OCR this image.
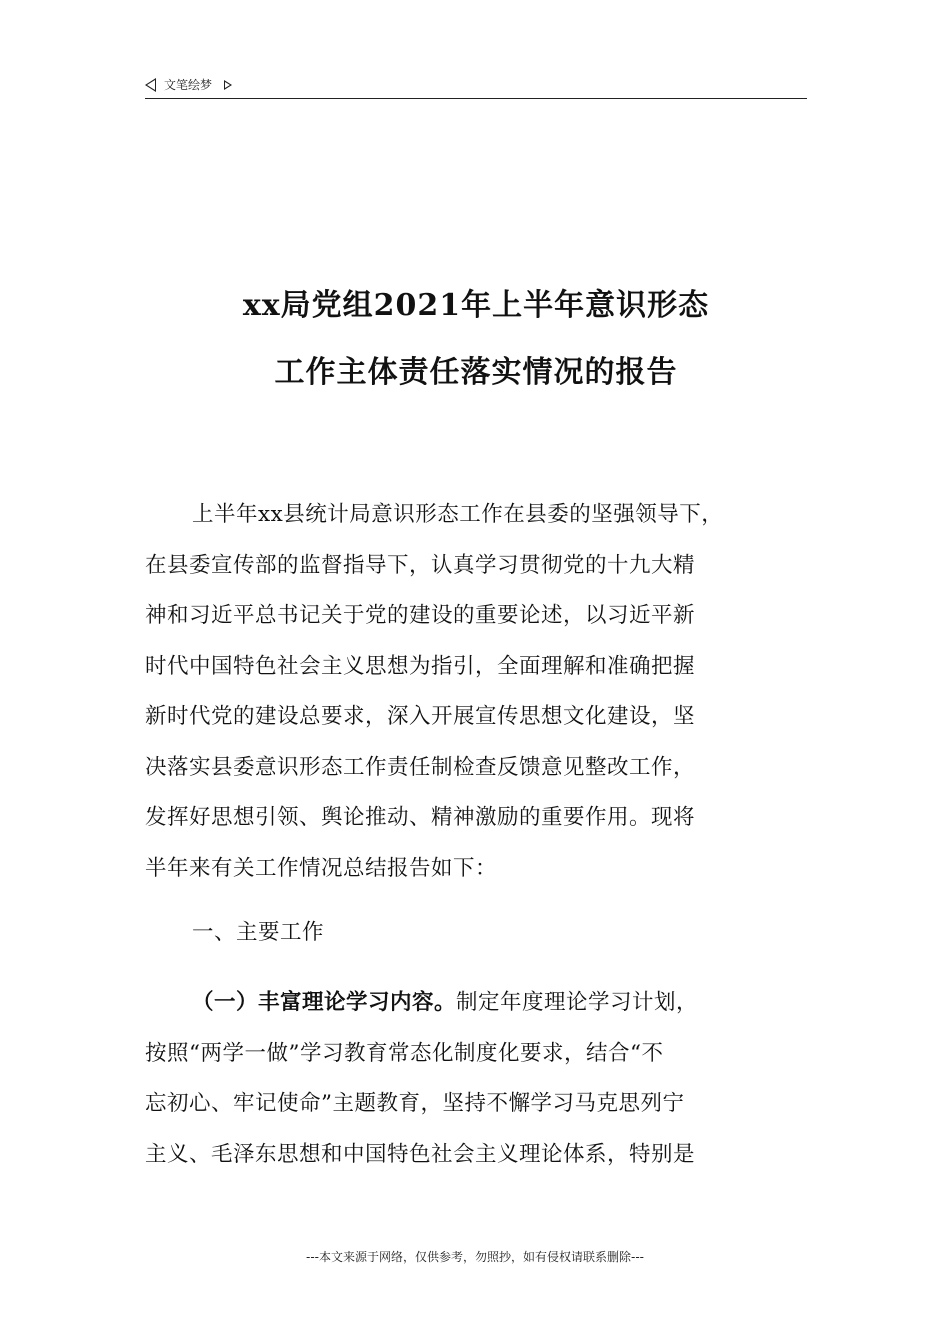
文笔绘梦
xx局党组2021年上半年意识形态
工作主体责任落实情况的报告
上半年xx县统计局意识形态工作在县委的坚强领导下，
在县委宣传部的监督指导下，认真学习贯彻党的十九大精
神和习近平总书记关于党的建设的重要论述，以习近平新
时代中国特色社会主义思想为指引，全面理解和准确把握
新时代党的建设总要求，深入开展宣传思想文化建设，坚
决落实县委意识形态工作责任制检查反馈意见整改工作，
发挥好思想引领、舆论推动、精神激励的重要作用。现将
半年来有关工作情况总结报告如下：
一、主要工作
（一）丰富理论学习内容。制定年度理论学习计划，
按照“两学一做”学习教育常态化制度化要求，结合“不
忘初心、牢记使命”主题教育，坚持不懈学习马克思列宁
主义、毛泽东思想和中国特色社会主义理论体系，特别是
---本文来源于网络，仅供参考，勿照抄，如有侵权请联系删除---
